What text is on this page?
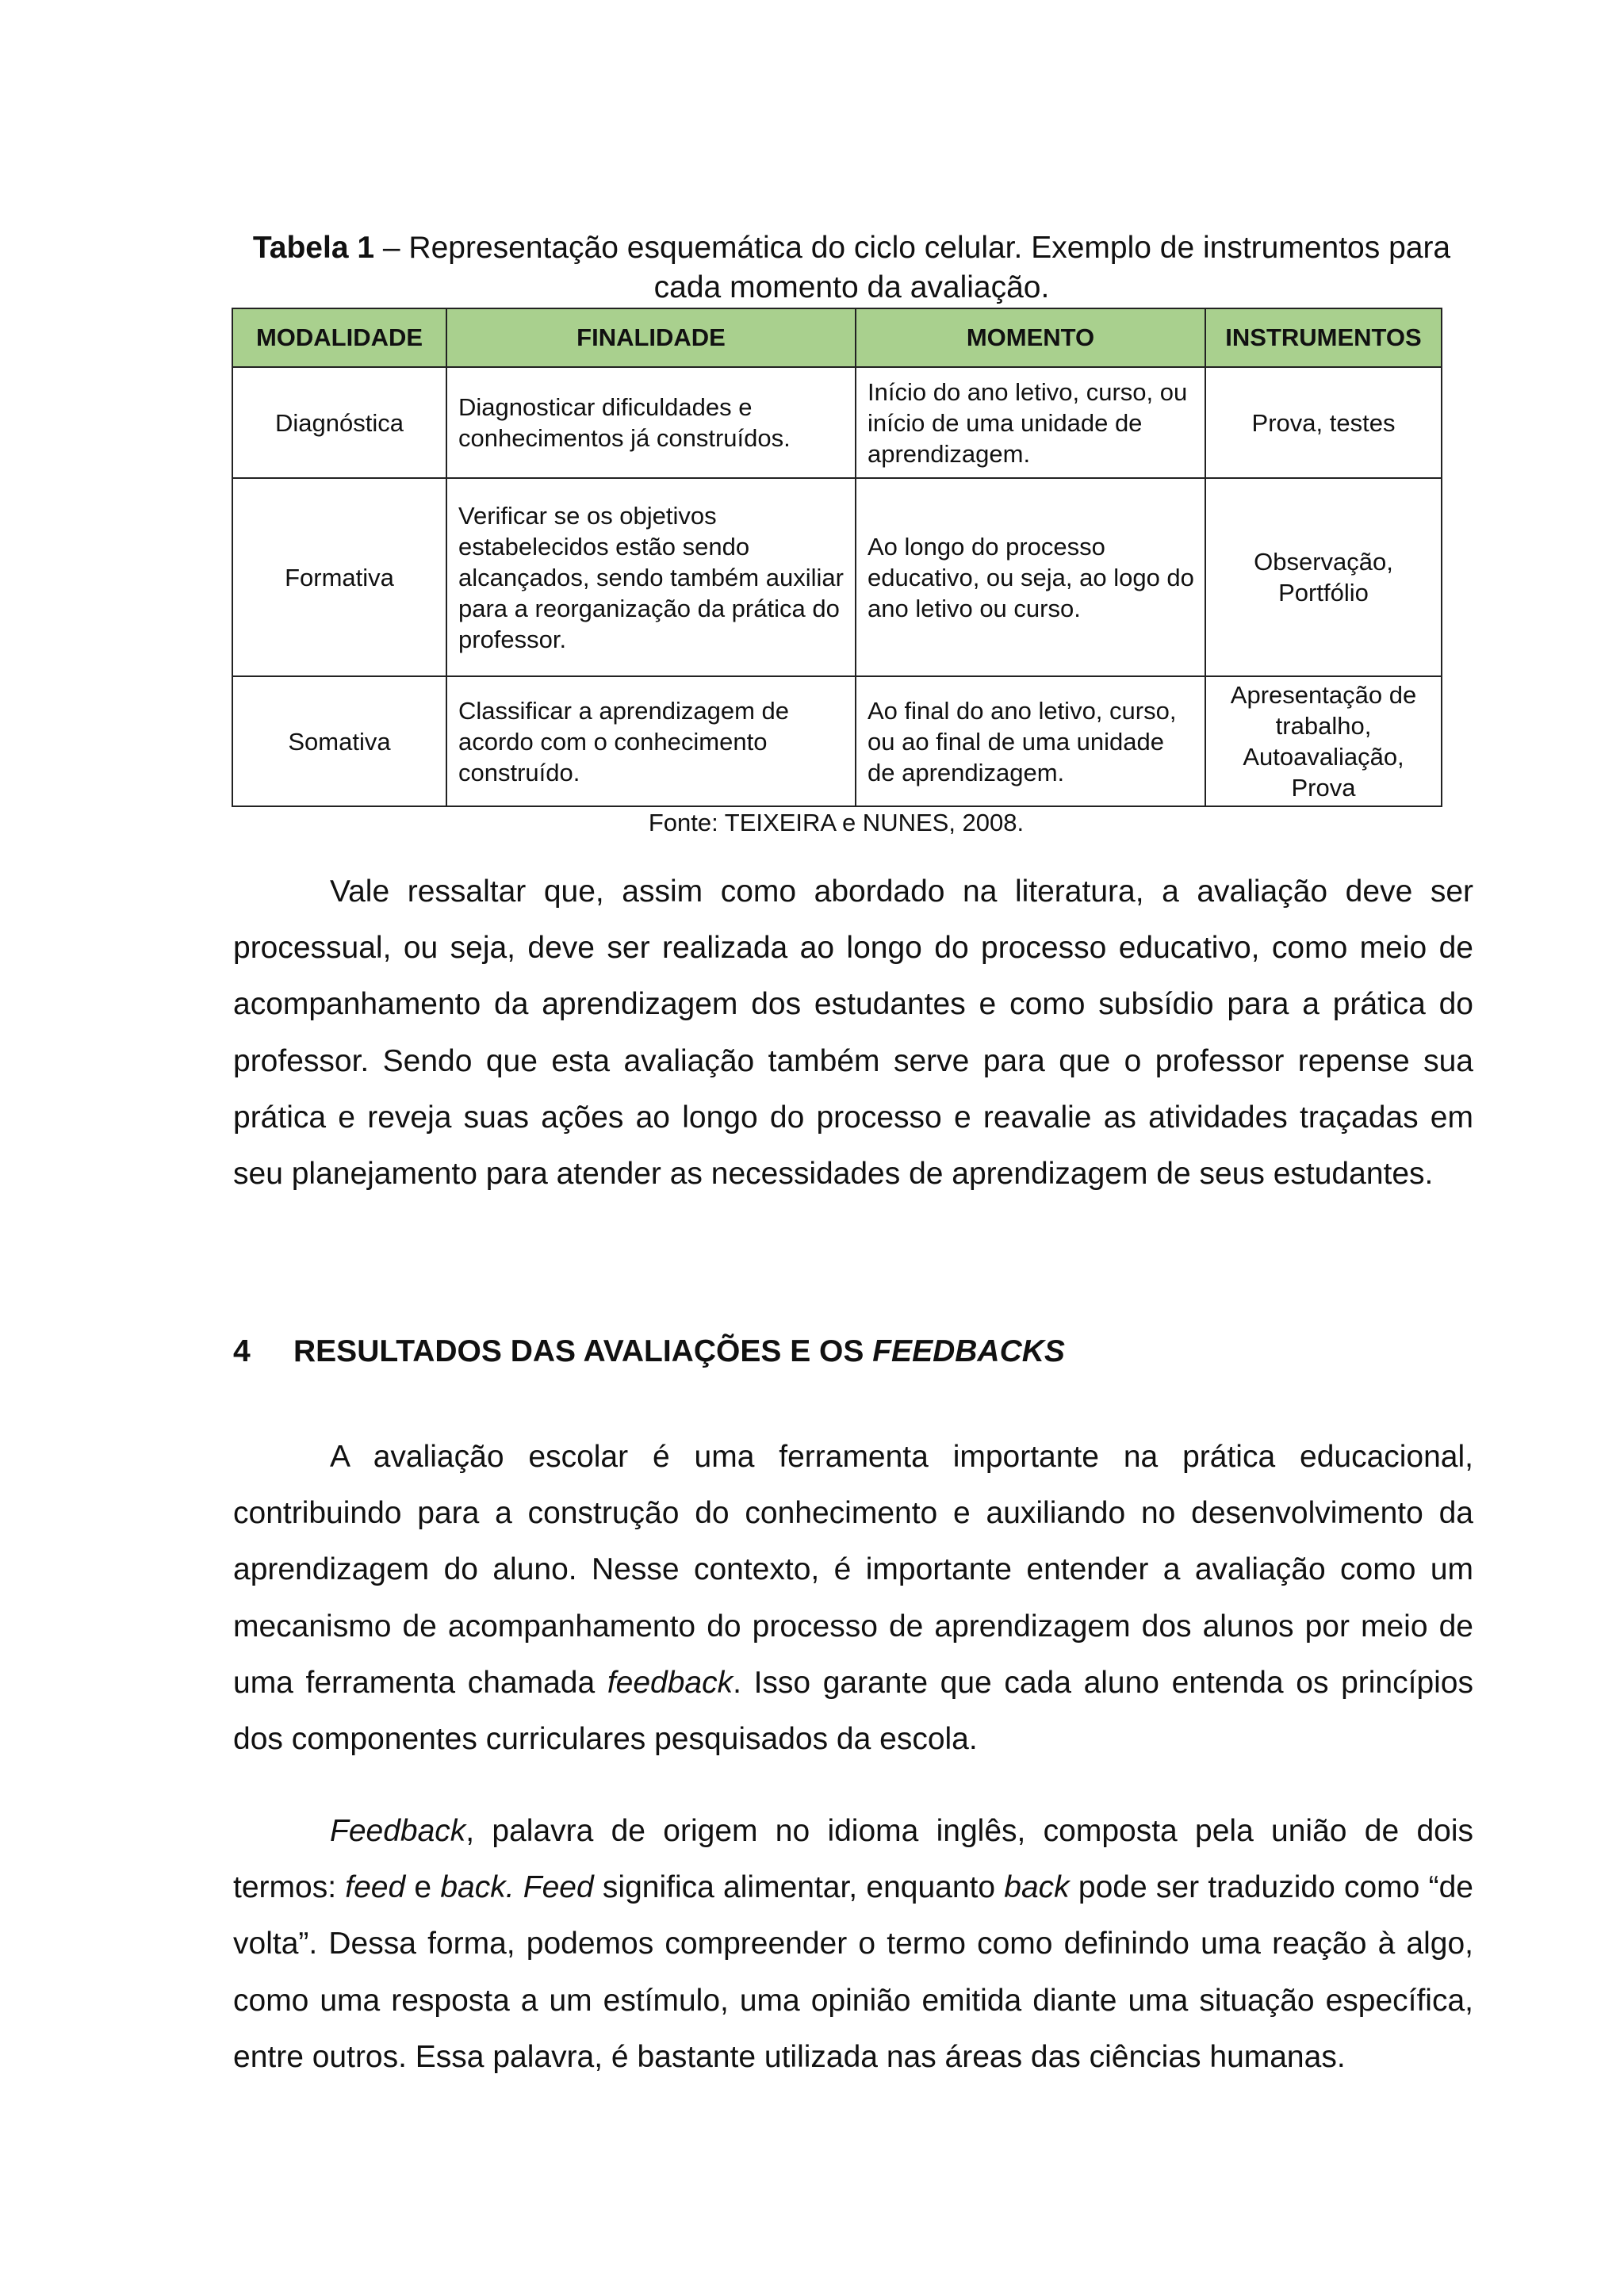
Tabela 1 – Representação esquemática do ciclo celular. Exemplo de instrumentos para cada momento da avaliação.
MODALIDADE	FINALIDADE	MOMENTO	INSTRUMENTOS
Diagnóstica	Diagnosticar dificuldades e conhecimentos já construídos.	Início do ano letivo, curso, ou início de uma unidade de aprendizagem.	Prova, testes
Formativa	Verificar se os objetivos estabelecidos estão sendo alcançados, sendo também auxiliar para a reorganização da prática do professor.	Ao longo do processo educativo, ou seja, ao logo do ano letivo ou curso.	Observação, Portfólio
Somativa	Classificar a aprendizagem de acordo com o conhecimento construído.	Ao final do ano letivo, curso, ou ao final de uma unidade de aprendizagem.	Apresentação de trabalho, Autoavaliação, Prova
Fonte: TEIXEIRA e NUNES, 2008.

Vale ressaltar que, assim como abordado na literatura, a avaliação deve ser processual, ou seja, deve ser realizada ao longo do processo educativo, como meio de acompanhamento da aprendizagem dos estudantes e como subsídio para a prática do professor. Sendo que esta avaliação também serve para que o professor repense sua prática e reveja suas ações ao longo do processo e reavalie as atividades traçadas em seu planejamento para atender as necessidades de aprendizagem de seus estudantes.

4 RESULTADOS DAS AVALIAÇÕES E OS FEEDBACKS

A avaliação escolar é uma ferramenta importante na prática educacional, contribuindo para a construção do conhecimento e auxiliando no desenvolvimento da aprendizagem do aluno. Nesse contexto, é importante entender a avaliação como um mecanismo de acompanhamento do processo de aprendizagem dos alunos por meio de uma ferramenta chamada feedback. Isso garante que cada aluno entenda os princípios dos componentes curriculares pesquisados da escola.

Feedback, palavra de origem no idioma inglês, composta pela união de dois termos: feed e back. Feed significa alimentar, enquanto back pode ser traduzido como “de volta”. Dessa forma, podemos compreender o termo como definindo uma reação à algo, como uma resposta a um estímulo, uma opinião emitida diante uma situação específica, entre outros. Essa palavra, é bastante utilizada nas áreas das ciências humanas.
